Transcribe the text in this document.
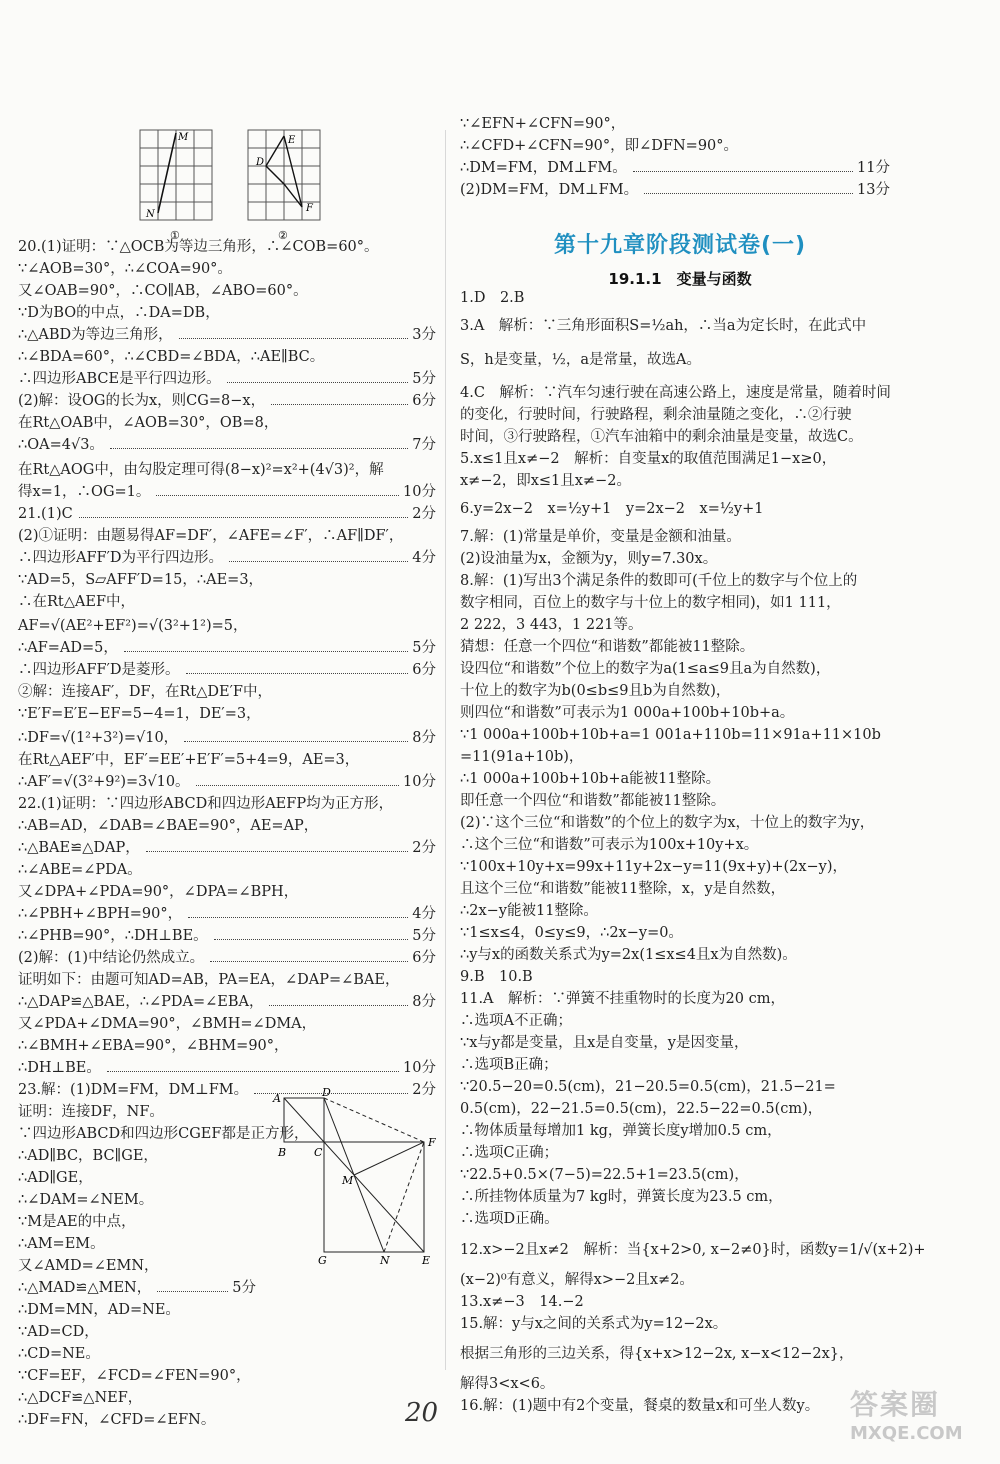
M
N
①
E
D
F
②
A	D
B	C
F
M
G	N	E
20.(1)证明：∵△OCB为等边三角形，∴∠COB=60°。
∵∠AOB=30°，∴∠COA=90°。
又∠OAB=90°，∴CO∥AB，∠ABO=60°。
∵D为BO的中点，∴DA=DB，
∴△ABD为等边三角形，	3分
∴∠BDA=60°，∴∠CBD=∠BDA，∴AE∥BC。
∴四边形ABCE是平行四边形。	5分
(2)解：设OG的长为x，则CG=8−x，	6分
在Rt△OAB中，∠AOB=30°，OB=8，
∴OA=4√3。	7分
在Rt△AOG中，由勾股定理可得(8−x)²=x²+(4√3)²，解
得x=1，∴OG=1。	10分
21.(1)C	2分
(2)①证明：由题易得AF=DF′，∠AFE=∠F′，∴AF∥DF′，
∴四边形AFF′D为平行四边形。	4分
∵AD=5，S▱AFF′D=15，∴AE=3，
∴在Rt△AEF中，
AF=√(AE²+EF²)=√(3²+1²)=5，
∴AF=AD=5，	5分
∴四边形AFF′D是菱形。	6分
②解：连接AF′，DF，在Rt△DE′F中，
∵E′F=E′E−EF=5−4=1，DE′=3，
∴DF=√(1²+3²)=√10，	8分
在Rt△AEF′中，EF′=EE′+E′F′=5+4=9，AE=3，
∴AF′=√(3²+9²)=3√10。	10分
22.(1)证明：∵四边形ABCD和四边形AEFP均为正方形，
∴AB=AD，∠DAB=∠BAE=90°，AE=AP，
∴△BAE≌△DAP，	2分
∴∠ABE=∠PDA。
又∠DPA+∠PDA=90°，∠DPA=∠BPH，
∴∠PBH+∠BPH=90°，	4分
∴∠PHB=90°，∴DH⊥BE。	5分
(2)解：(1)中结论仍然成立。	6分
证明如下：由题可知AD=AB，PA=EA，∠DAP=∠BAE，
∴△DAP≌△BAE，∴∠PDA=∠EBA，	8分
又∠PDA+∠DMA=90°，∠BMH=∠DMA，
∴∠BMH+∠EBA=90°，∠BHM=90°，
∴DH⊥BE。	10分
23.解：(1)DM=FM，DM⊥FM。	2分
证明：连接DF，NF。
∵四边形ABCD和四边形CGEF都是正方形，
∴AD∥BC，BC∥GE，
∴AD∥GE，
∴∠DAM=∠NEM。
∵M是AE的中点，
∴AM=EM。
又∠AMD=∠EMN，
∴△MAD≌△MEN，	5分
∴DM=MN，AD=NE。
∵AD=CD，
∴CD=NE。
∵CF=EF，∠FCD=∠FEN=90°，
∴△DCF≌△NEF，
∴DF=FN，∠CFD=∠EFN。
∵∠EFN+∠CFN=90°，
∴∠CFD+∠CFN=90°，即∠DFN=90°。
∴DM=FM，DM⊥FM。	11分
(2)DM=FM，DM⊥FM。	13分
1.D　2.B
3.A　解析：∵三角形面积S=½ah，∴当a为定长时，在此式中
S，h是变量，½，a是常量，故选A。
4.C　解析：∵汽车匀速行驶在高速公路上，速度是常量，随着时间
的变化，行驶时间，行驶路程，剩余油量随之变化，∴②行驶
时间，③行驶路程，①汽车油箱中的剩余油量是变量，故选C。
5.x≤1且x≠−2　解析：自变量x的取值范围满足1−x≥0，
x≠−2，即x≤1且x≠−2。
6.y=2x−2　x=½y+1　y=2x−2　x=½y+1
7.解：(1)常量是单价，变量是金额和油量。
(2)设油量为x，金额为y，则y=7.30x。
8.解：(1)写出3个满足条件的数即可(千位上的数字与个位上的
数字相同，百位上的数字与十位上的数字相同)，如1 111，
2 222，3 443，1 221等。
猜想：任意一个四位“和谐数”都能被11整除。
设四位“和谐数”个位上的数字为a(1≤a≤9且a为自然数)，
十位上的数字为b(0≤b≤9且b为自然数)，
则四位“和谐数”可表示为1 000a+100b+10b+a。
∵1 000a+100b+10b+a=1 001a+110b=11×91a+11×10b
=11(91a+10b)，
∴1 000a+100b+10b+a能被11整除。
即任意一个四位“和谐数”都能被11整除。
(2)∵这个三位“和谐数”的个位上的数字为x，十位上的数字为y，
∴这个三位“和谐数”可表示为100x+10y+x。
∵100x+10y+x=99x+11y+2x−y=11(9x+y)+(2x−y)，
且这个三位“和谐数”能被11整除，x，y是自然数，
∴2x−y能被11整除。
∵1≤x≤4，0≤y≤9，∴2x−y=0。
∴y与x的函数关系式为y=2x(1≤x≤4且x为自然数)。
9.B　10.B
11.A　解析：∵弹簧不挂重物时的长度为20 cm，
∴选项A不正确；
∵x与y都是变量，且x是自变量，y是因变量，
∴选项B正确；
∵20.5−20=0.5(cm)，21−20.5=0.5(cm)，21.5−21=
0.5(cm)，22−21.5=0.5(cm)，22.5−22=0.5(cm)，
∴物体质量每增加1 kg，弹簧长度y增加0.5 cm，
∴选项C正确；
∵22.5+0.5×(7−5)=22.5+1=23.5(cm)，
∴所挂物体质量为7 kg时，弹簧长度为23.5 cm，
∴选项D正确。
12.x>−2且x≠2　解析：当{x+2>0, x−2≠0}时，函数y=1/√(x+2)+
(x−2)⁰有意义，解得x>−2且x≠2。
13.x≠−3　14.−2
15.解：y与x之间的关系式为y=12−2x。
根据三角形的三边关系，得{x+x>12−2x, x−x<12−2x}，
解得3<x<6。
16.解：(1)题中有2个变量，餐桌的数量x和可坐人数y。
第十九章阶段测试卷(一)
19.1.1　变量与函数
20	答案圈
MXQE.COM
